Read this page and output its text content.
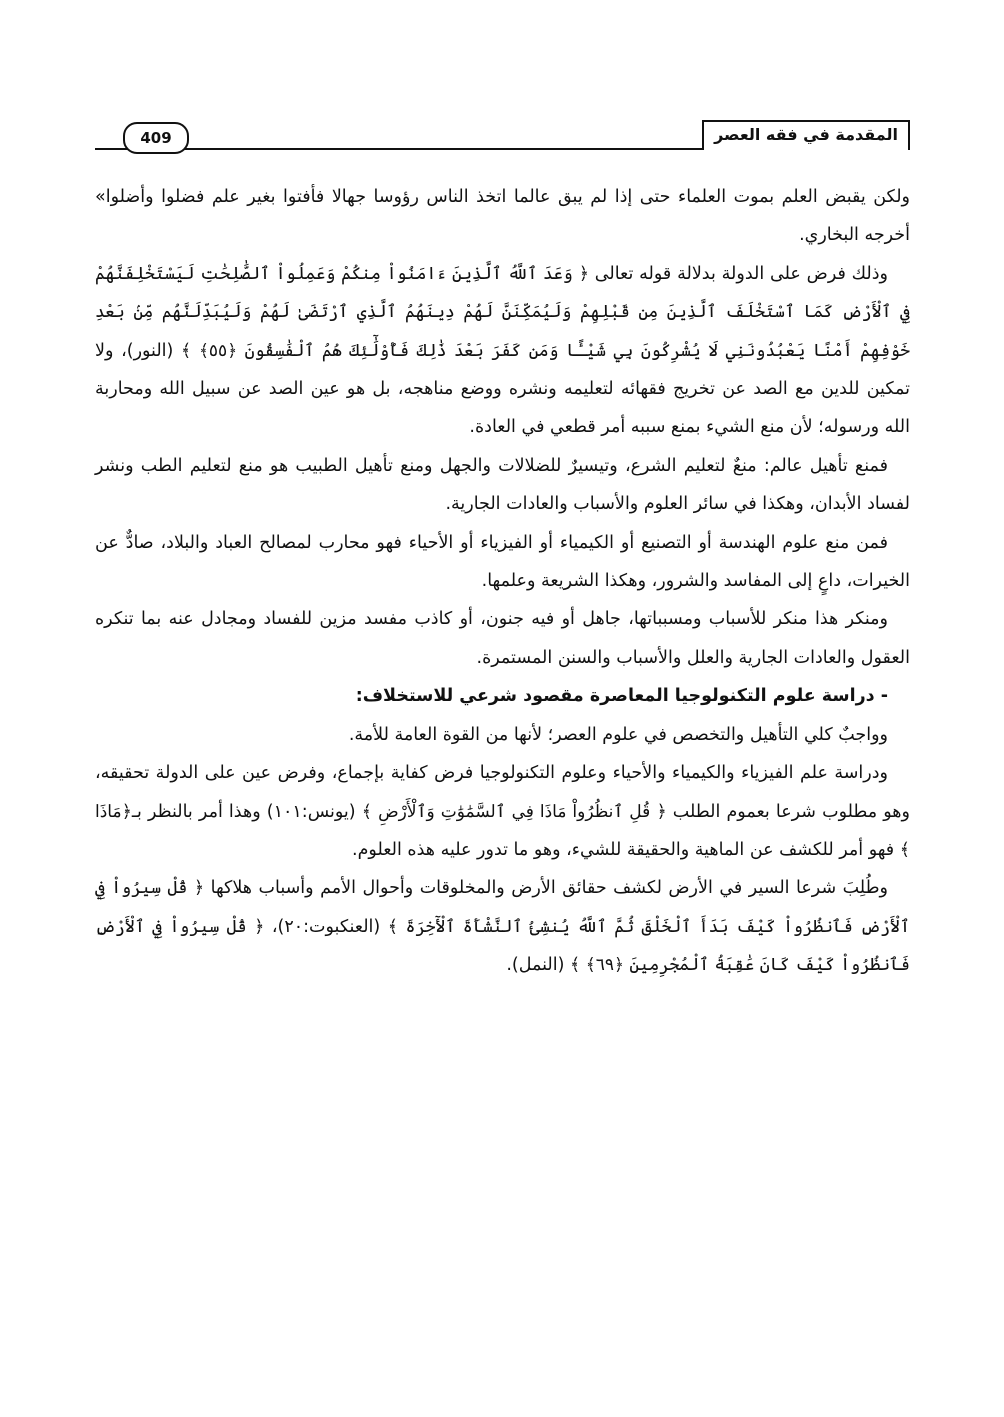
المقدمة في فقه العصر
409

ولكن يقبض العلم بموت العلماء حتى إذا لم يبق عالما اتخذ الناس رؤوسا جهالا فأفتوا بغير علم فضلوا وأضلوا» أخرجه البخاري.

وذلك فرض على الدولة بدلالة قوله تعالى ﴿ وَعَدَ ٱللَّهُ ٱلَّذِينَ ءَامَنُواْ مِنكُمْ وَعَمِلُواْ ٱلصَّٰلِحَٰتِ لَيَسْتَخْلِفَنَّهُمْ فِي ٱلْأَرْضِ كَمَا ٱسْتَخْلَفَ ٱلَّذِينَ مِن قَبْلِهِمْ وَلَيُمَكِّنَنَّ لَهُمْ دِينَهُمُ ٱلَّذِي ٱرْتَضَىٰ لَهُمْ وَلَيُبَدِّلَنَّهُم مِّنۢ بَعْدِ خَوْفِهِمْ أَمْنًا يَعْبُدُونَنِي لَا يُشْرِكُونَ بِي شَيْـًٔا وَمَن كَفَرَ بَعْدَ ذَٰلِكَ فَأُوْلَٰٓئِكَ هُمُ ٱلْفَٰسِقُونَ ﴿٥٥﴾ ﴾ (النور)، ولا تمكين للدين مع الصد عن تخريج فقهائه لتعليمه ونشره ووضع مناهجه، بل هو عين الصد عن سبيل الله ومحاربة الله ورسوله؛ لأن منع الشيء بمنع سببه أمر قطعي في العادة.

فمنع تأهيل عالم: منعٌ لتعليم الشرع، وتيسيرٌ للضلالات والجهل ومنع تأهيل الطبيب هو منع لتعليم الطب ونشر لفساد الأبدان، وهكذا في سائر العلوم والأسباب والعادات الجارية.

فمن منع علوم الهندسة أو التصنيع أو الكيمياء أو الفيزياء أو الأحياء فهو محارب لمصالح العباد والبلاد، صادٌّ عن الخيرات، داعٍ إلى المفاسد والشرور، وهكذا الشريعة وعلمها.

ومنكر هذا منكر للأسباب ومسبباتها، جاهل أو فيه جنون، أو كاذب مفسد مزين للفساد ومجادل عنه بما تنكره العقول والعادات الجارية والعلل والأسباب والسنن المستمرة.

- دراسة علوم التكنولوجيا المعاصرة مقصود شرعي للاستخلاف:

وواجبٌ كلي التأهيل والتخصص في علوم العصر؛ لأنها من القوة العامة للأمة.

ودراسة علم الفيزياء والكيمياء والأحياء وعلوم التكنولوجيا فرض كفاية بإجماع، وفرض عين على الدولة تحقيقه، وهو مطلوب شرعا بعموم الطلب ﴿ قُلِ ٱنظُرُواْ مَاذَا فِي ٱلسَّمَٰوَٰتِ وَٱلْأَرْضِ ﴾ (يونس:١٠١) وهذا أمر بالنظر بـ﴿مَاذَا ﴾ فهو أمر للكشف عن الماهية والحقيقة للشيء، وهو ما تدور عليه هذه العلوم.

وطُلِبَ شرعا السير في الأرض لكشف حقائق الأرض والمخلوقات وأحوال الأمم وأسباب هلاكها ﴿ قُلْ سِيرُواْ فِي ٱلْأَرْضِ فَٱنظُرُواْ كَيْفَ بَدَأَ ٱلْخَلْقَ ثُمَّ ٱللَّهُ يُنشِئُ ٱلنَّشْأَةَ ٱلْأٓخِرَةَ ﴾ (العنكبوت:٢٠)، ﴿ قُلْ سِيرُواْ فِي ٱلْأَرْضِ فَٱنظُرُواْ كَيْفَ كَانَ عَٰقِبَةُ ٱلْمُجْرِمِينَ ﴿٦٩﴾ ﴾ (النمل).
